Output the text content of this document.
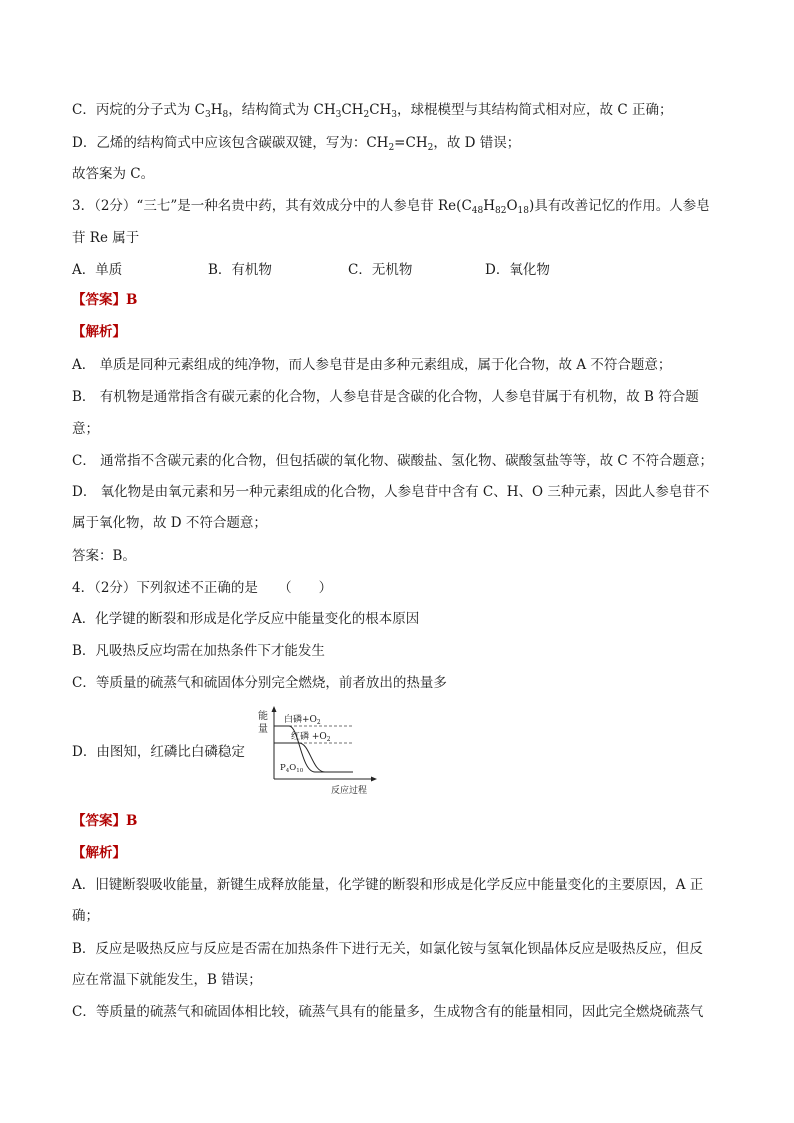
C．丙烷的分子式为 $C_3H_8$，结构简式为 $CH_3CH_2CH_3$，球棍模型与其结构简式相对应，故 C 正确；
D．乙烯的结构简式中应该包含碳碳双键，写为：$CH_2=CH_2$，故 D 错误；
故答案为 C。
3．（2分）“三七”是一种名贵中药，其有效成分中的人参皂苷 $Re(C_{48}H_{82}O_{18})$具有改善记忆的作用。人参皂
苷 Re 属于
A．单质	B．有机物	C．无机物	D．氧化物
【答案】B
【解析】
A． 单质是同种元素组成的纯净物，而人参皂苷是由多种元素组成，属于化合物，故 A 不符合题意；
B． 有机物是通常指含有碳元素的化合物，人参皂苷是含碳的化合物，人参皂苷属于有机物，故 B 符合题
意；
C． 通常指不含碳元素的化合物，但包括碳的氧化物、碳酸盐、氢化物、碳酸氢盐等等，故 C 不符合题意；
D． 氧化物是由氧元素和另一种元素组成的化合物，人参皂苷中含有 C、H、O 三种元素，因此人参皂苷不
属于氧化物，故 D 不符合题意；
答案：B。
4．（2分）下列叙述不正确的是　　（　　）
A．化学键的断裂和形成是化学反应中能量变化的根本原因
B．凡吸热反应均需在加热条件下才能发生
C．等质量的硫蒸气和硫固体分别完全燃烧，前者放出的热量多
D．由图知，红磷比白磷稳定
能
量
白磷$+O_2$
红磷 $+O_2$
$P_4O_{10}$
反应过程
【答案】B
【解析】
A．旧键断裂吸收能量，新键生成释放能量，化学键的断裂和形成是化学反应中能量变化的主要原因，A 正
确；
B．反应是吸热反应与反应是否需在加热条件下进行无关，如氯化铵与氢氧化钡晶体反应是吸热反应，但反
应在常温下就能发生，B 错误；
C．等质量的硫蒸气和硫固体相比较，硫蒸气具有的能量多，生成物含有的能量相同，因此完全燃烧硫蒸气
